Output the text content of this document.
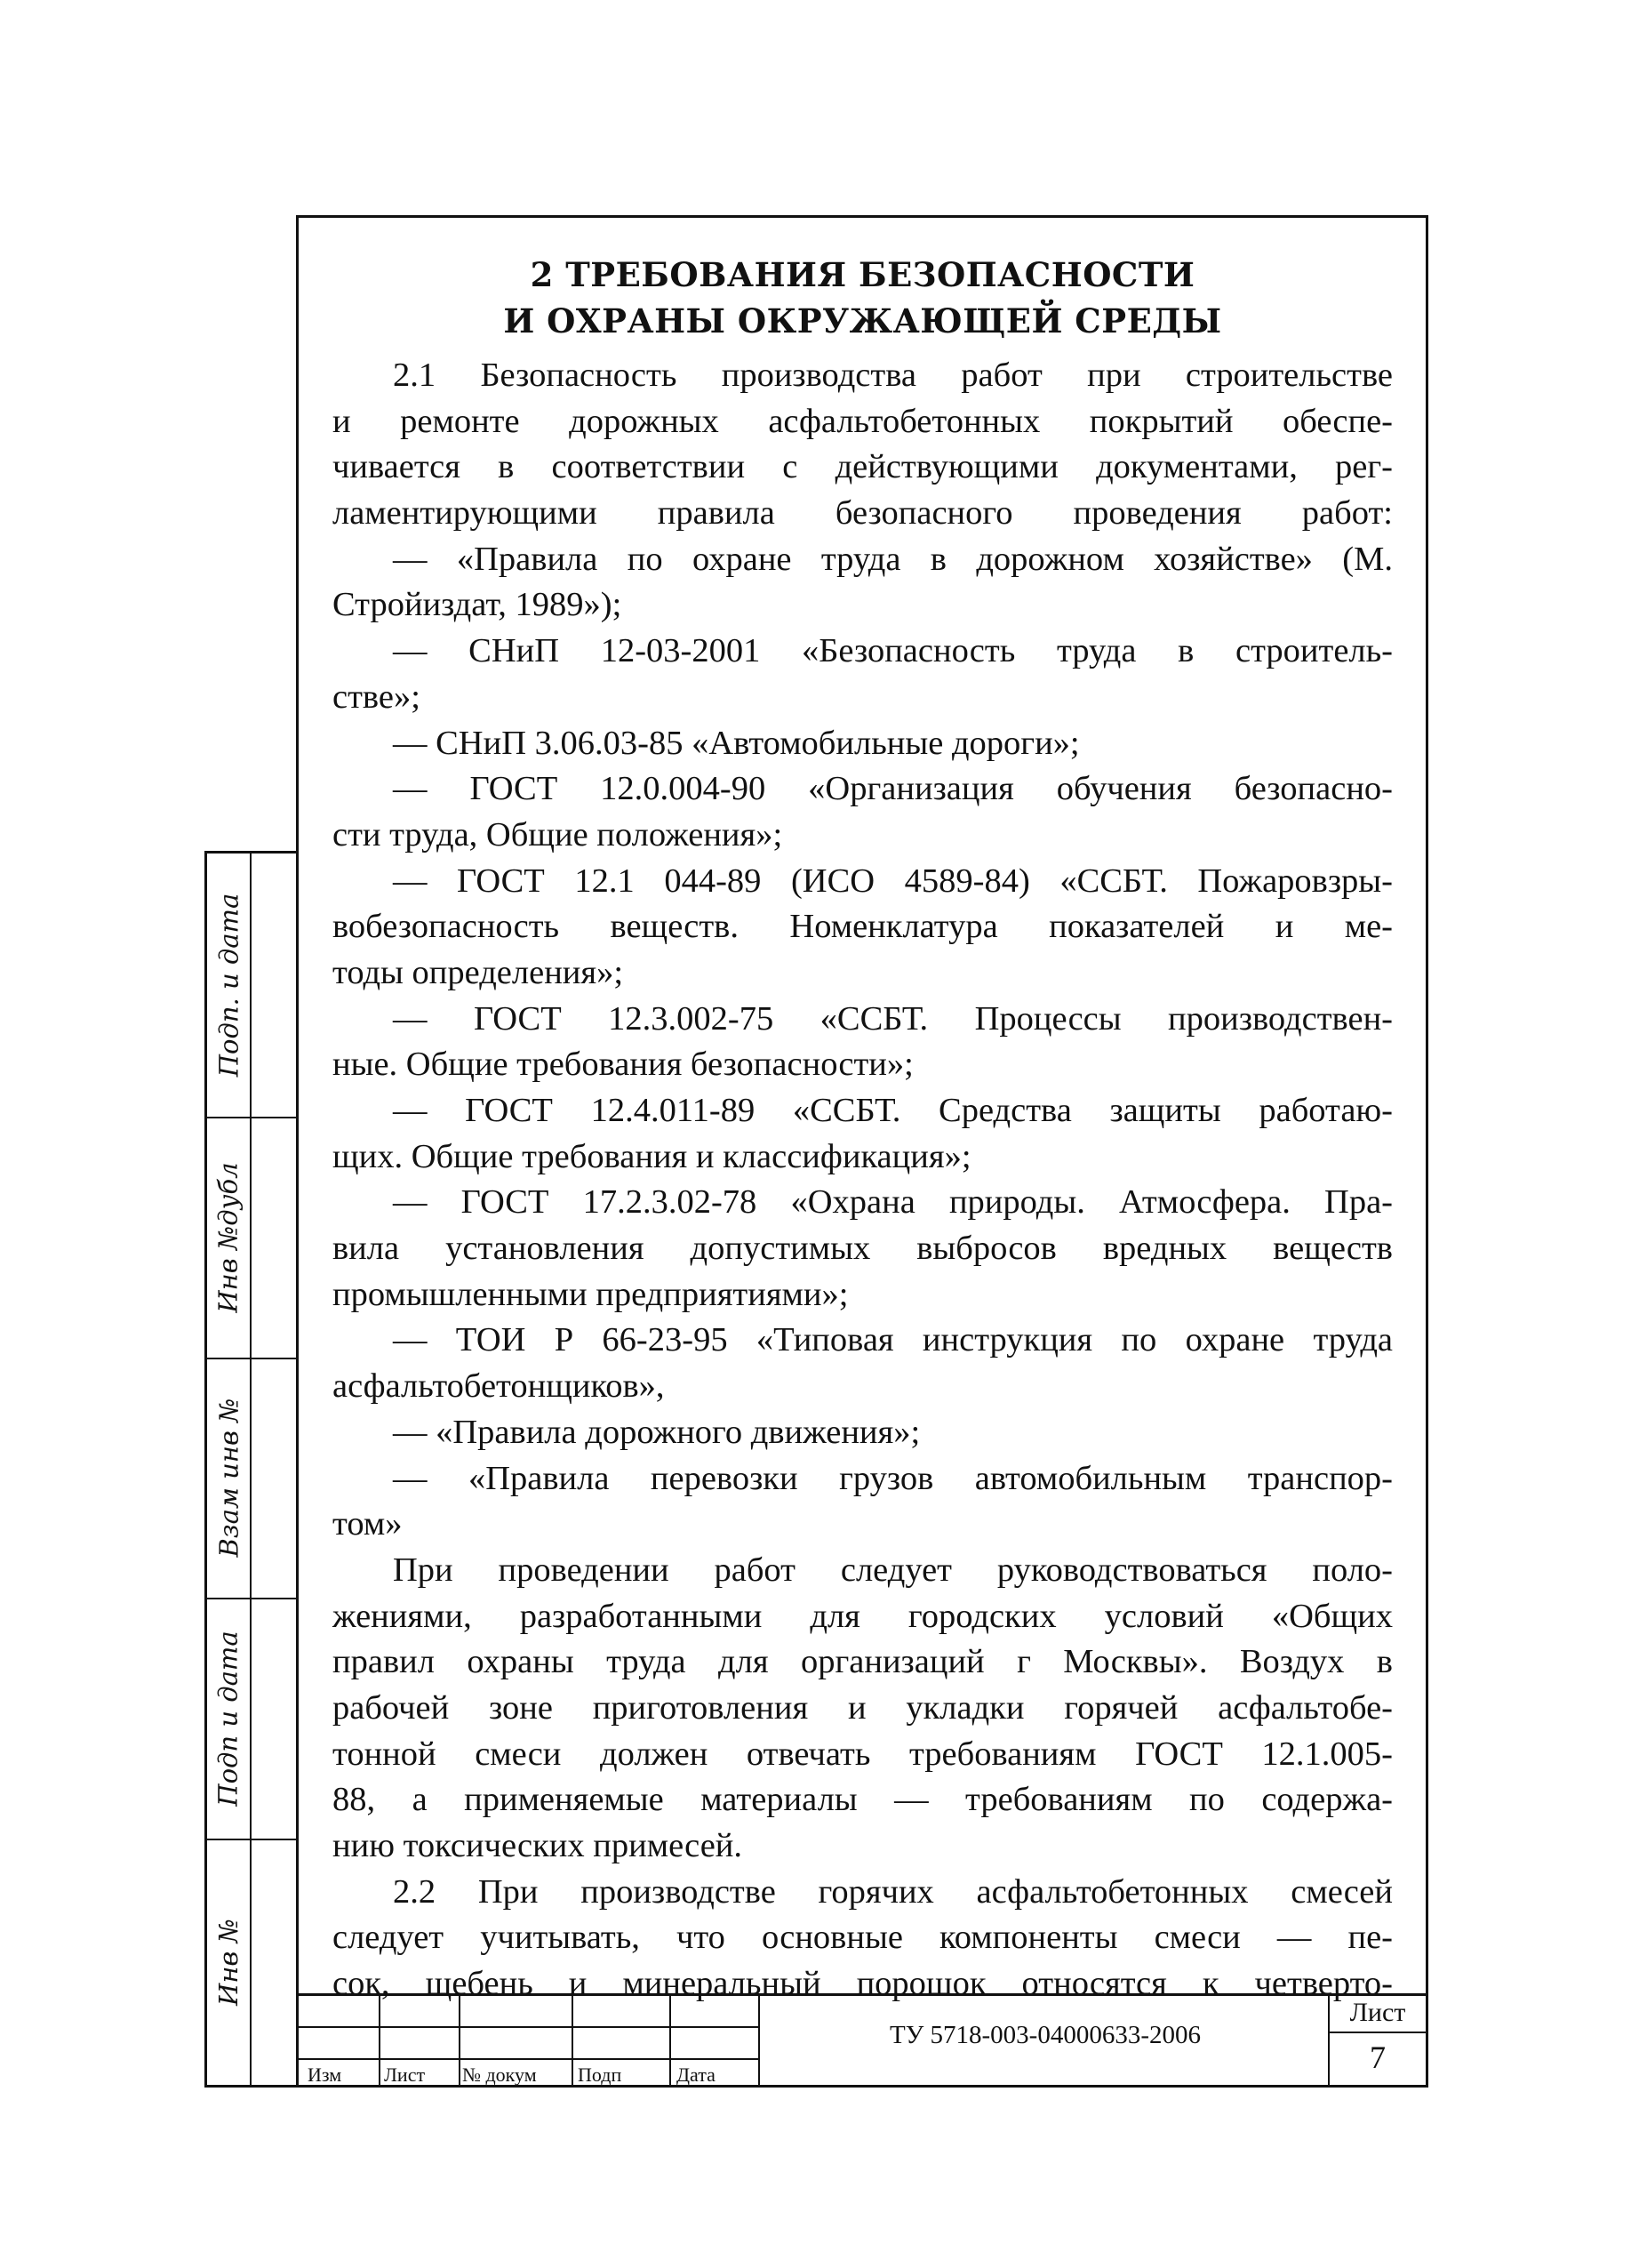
2 ТРЕБОВАНИЯ БЕЗОПАСНОСТИ
И ОХРАНЫ ОКРУЖАЮЩЕЙ СРЕДЫ
2.1 Безопасность производства работ при строительстве
и ремонте дорожных асфальтобетонных покрытий обеспе-
чивается в соответствии с действующими документами, рег-
ламентирующими правила безопасного проведения работ:
— «Правила по охране труда в дорожном хозяйстве» (М.
Стройиздат, 1989»);
— СНиП 12-03-2001 «Безопасность труда в строитель-
стве»;
— СНиП 3.06.03-85 «Автомобильные дороги»;
— ГОСТ 12.0.004-90 «Организация обучения безопасно-
сти труда, Общие положения»;
— ГОСТ 12.1 044-89 (ИСО 4589-84) «ССБТ. Пожаровзры-
вобезопасность веществ. Номенклатура показателей и ме-
тоды определения»;
— ГОСТ 12.3.002-75 «ССБТ. Процессы производствен-
ные. Общие требования безопасности»;
— ГОСТ 12.4.011-89 «ССБТ. Средства защиты работаю-
щих. Общие требования и классификация»;
— ГОСТ 17.2.3.02-78 «Охрана природы. Атмосфера. Пра-
вила установления допустимых выбросов вредных веществ
промышленными предприятиями»;
— ТОИ Р 66-23-95 «Типовая инструкция по охране труда
асфальтобетонщиков»,
— «Правила дорожного движения»;
— «Правила перевозки грузов автомобильным транспор-
том»
При проведении работ следует руководствоваться поло-
жениями, разработанными для городских условий «Общих
правил охраны труда для организаций г Москвы». Воздух в
рабочей зоне приготовления и укладки горячей асфальтобе-
тонной смеси должен отвечать требованиям ГОСТ 12.1.005-
88, а применяемые материалы — требованиям по содержа-
нию токсических примесей.
2.2 При производстве горячих асфальтобетонных смесей
следует учитывать, что основные компоненты смеси — пе-
сок, щебень и минеральный порошок относятся к четверто-
Изм Лист № докум Подп	Дата
ТУ 5718-003-04000633-2006
Лист
7
Подп. и дата
Инв №дубл
Взам инв №
Подп и дата
Инв №
